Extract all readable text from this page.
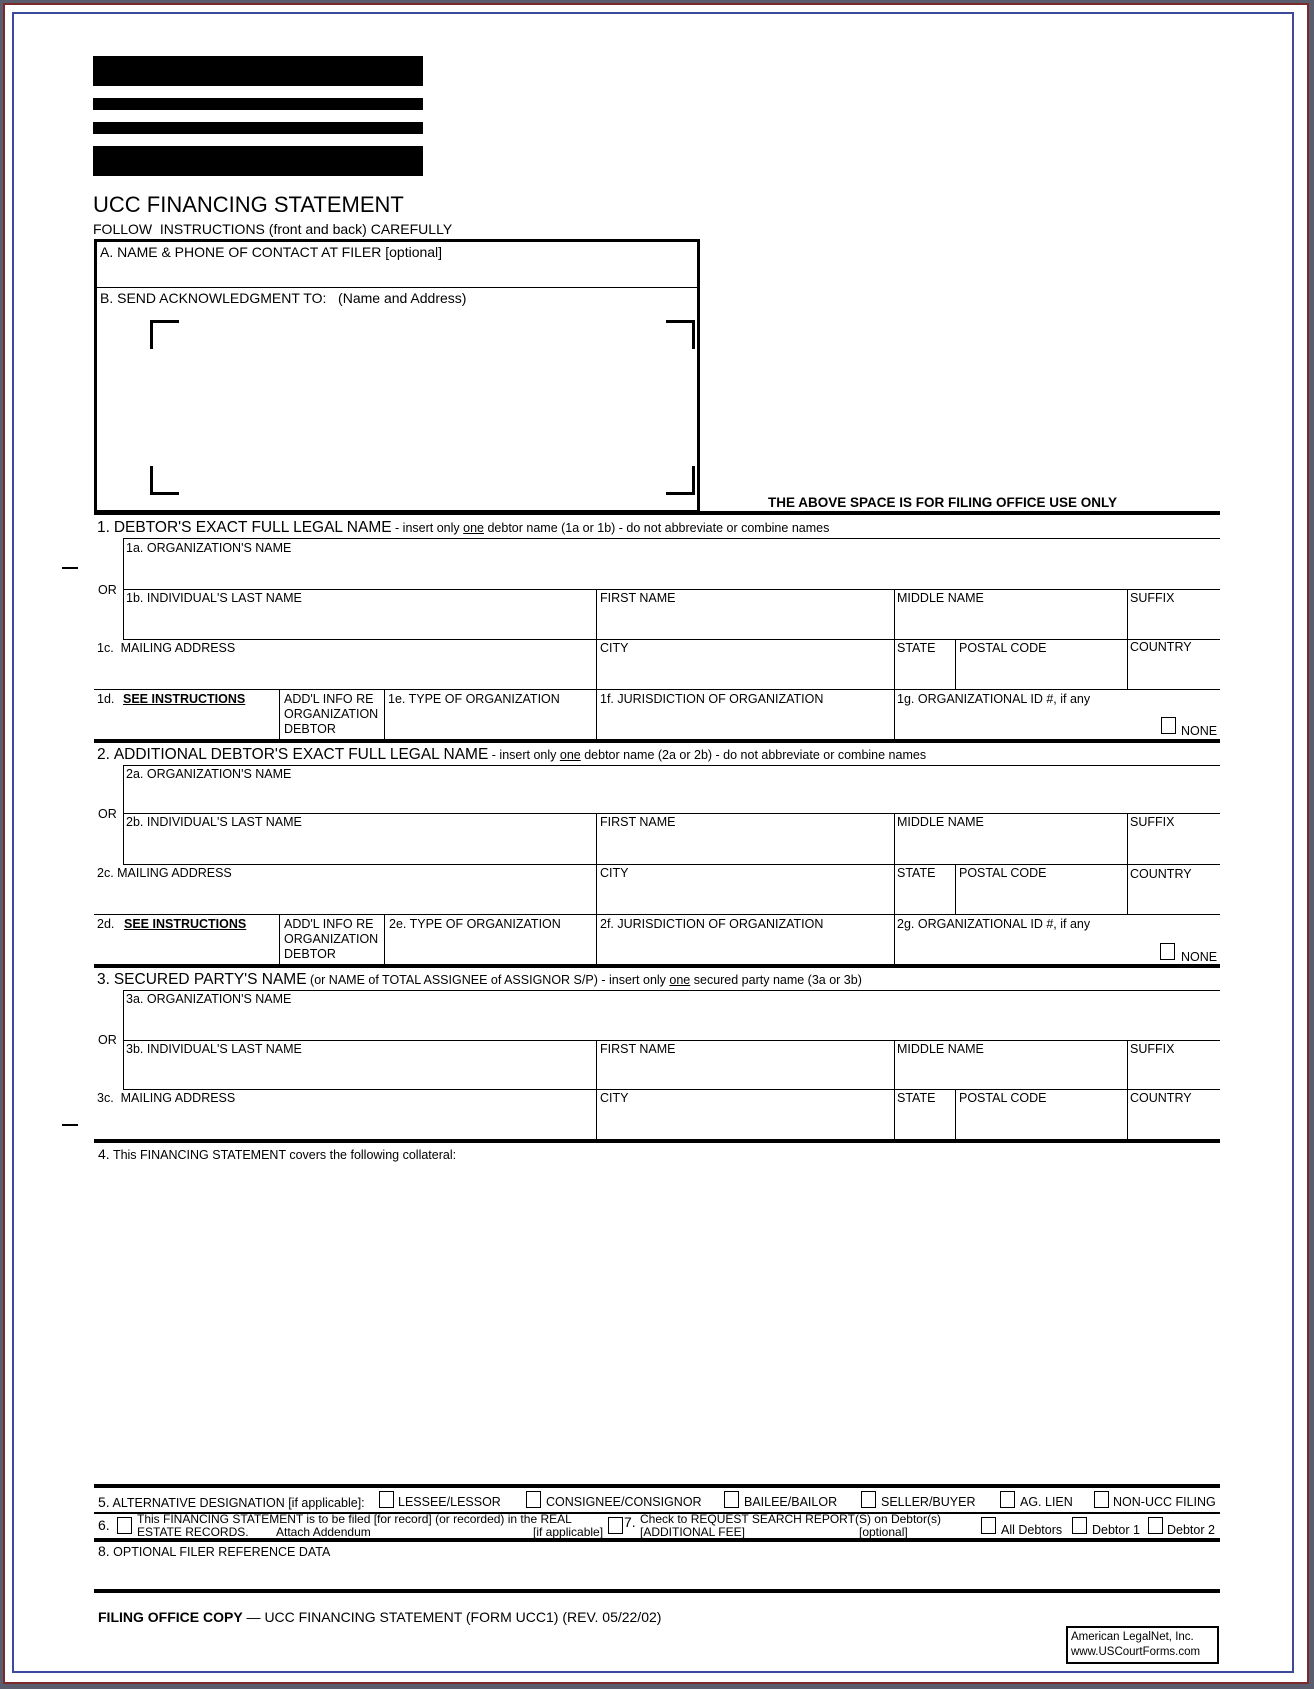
UCC FINANCING STATEMENT
FOLLOW  INSTRUCTIONS (front and back) CAREFULLY
A. NAME & PHONE OF CONTACT AT FILER [optional]
B. SEND ACKNOWLEDGMENT TO:   (Name and Address)
THE ABOVE SPACE IS FOR FILING OFFICE USE ONLY
1. DEBTOR'S EXACT FULL LEGAL NAME - insert only one debtor name (1a or 1b) - do not abbreviate or combine names
OR
1a. ORGANIZATION'S NAME
1b. INDIVIDUAL'S LAST NAME	FIRST NAME	MIDDLE NAME	SUFFIX
1c.  MAILING ADDRESS	CITY	STATE POSTAL CODE	COUNTRY
1d. SEE INSTRUCTIONS	ADD'L INFO RE
ORGANIZATION
DEBTOR
1e. TYPE OF ORGANIZATION	1f. JURISDICTION OF ORGANIZATION	1g. ORGANIZATIONAL ID #, if any
NONE
2. ADDITIONAL DEBTOR'S EXACT FULL LEGAL NAME - insert only one debtor name (2a or 2b) - do not abbreviate or combine names
OR
2a. ORGANIZATION'S NAME
2b. INDIVIDUAL'S LAST NAME	FIRST NAME	MIDDLE NAME	SUFFIX
2c. MAILING ADDRESS	CITY	STATE POSTAL CODE	COUNTRY
2d. SEE INSTRUCTIONS	ADD'L INFO RE
ORGANIZATION
DEBTOR
2e. TYPE OF ORGANIZATION	2f. JURISDICTION OF ORGANIZATION	2g. ORGANIZATIONAL ID #, if any
NONE
3. SECURED PARTY'S NAME (or NAME of TOTAL ASSIGNEE of ASSIGNOR S/P) - insert only one secured party name (3a or 3b)
OR
3a. ORGANIZATION'S NAME
3b. INDIVIDUAL'S LAST NAME	FIRST NAME	MIDDLE NAME	SUFFIX
3c.  MAILING ADDRESS	CITY	STATE POSTAL CODE	COUNTRY
4. This FINANCING STATEMENT covers the following collateral:
5. ALTERNATIVE DESIGNATION [if applicable]:	LESSEE/LESSOR	CONSIGNEE/CONSIGNOR	BAILEE/BAILOR	SELLER/BUYER	AG. LIEN	NON-UCC FILING
6. This FINANCING STATEMENT is to be filed [for record] (or recorded) in the REAL
ESTATE RECORDS. Attach Addendum	[if applicable]
7. Check to REQUEST SEARCH REPORT(S) on Debtor(s)
[ADDITIONAL FEE]	[optional]	All Debtors Debtor 1 Debtor 2
8. OPTIONAL FILER REFERENCE DATA
FILING OFFICE COPY — UCC FINANCING STATEMENT (FORM UCC1) (REV. 05/22/02)
American LegalNet, Inc.
www.USCourtForms.com
